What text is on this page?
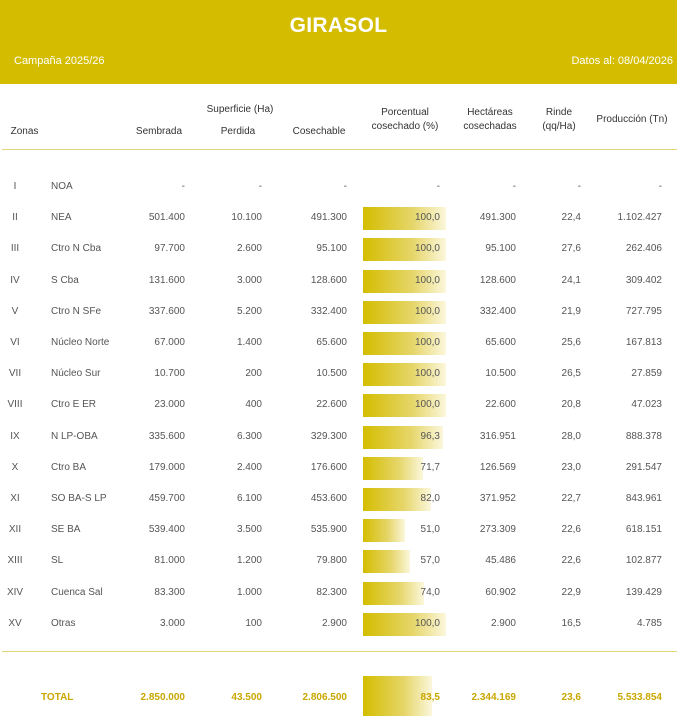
GIRASOL
Campaña 2025/26	Datos al: 08/04/2026
Zonas
Superficie (Ha)
Sembrada	Perdida	Cosechable
Porcentual
cosechado (%)
Hectáreas
cosechadas
Rinde
(qq/Ha)
Producción (Tn)
I	NOA	-	-	-	-	-	-	-
II	NEA	501.400	10.100	491.300	100,0	491.300	22,4	1.102.427
III	Ctro N Cba	97.700	2.600	95.100	100,0	95.100	27,6	262.406
IV	S Cba	131.600	3.000	128.600	100,0	128.600	24,1	309.402
V	Ctro N SFe	337.600	5.200	332.400	100,0	332.400	21,9	727.795
VI	Núcleo Norte	67.000	1.400	65.600	100,0	65.600	25,6	167.813
VII	Núcleo Sur	10.700	200	10.500	100,0	10.500	26,5	27.859
VIII	Ctro E ER	23.000	400	22.600	100,0	22.600	20,8	47.023
IX	N LP-OBA	335.600	6.300	329.300	96,3	316.951	28,0	888.378
X	Ctro BA	179.000	2.400	176.600	71,7	126.569	23,0	291.547
XI	SO BA-S LP	459.700	6.100	453.600	82,0	371.952	22,7	843.961
XII	SE BA	539.400	3.500	535.900	51,0	273.309	22,6	618.151
XIII	SL	81.000	1.200	79.800	57,0	45.486	22,6	102.877
XIV	Cuenca Sal	83.300	1.000	82.300	74,0	60.902	22,9	139.429
XV	Otras	3.000	100	2.900	100,0	2.900	16,5	4.785
TOTAL	2.850.000	43.500	2.806.500	83,5	2.344.169	23,6	5.533.854
